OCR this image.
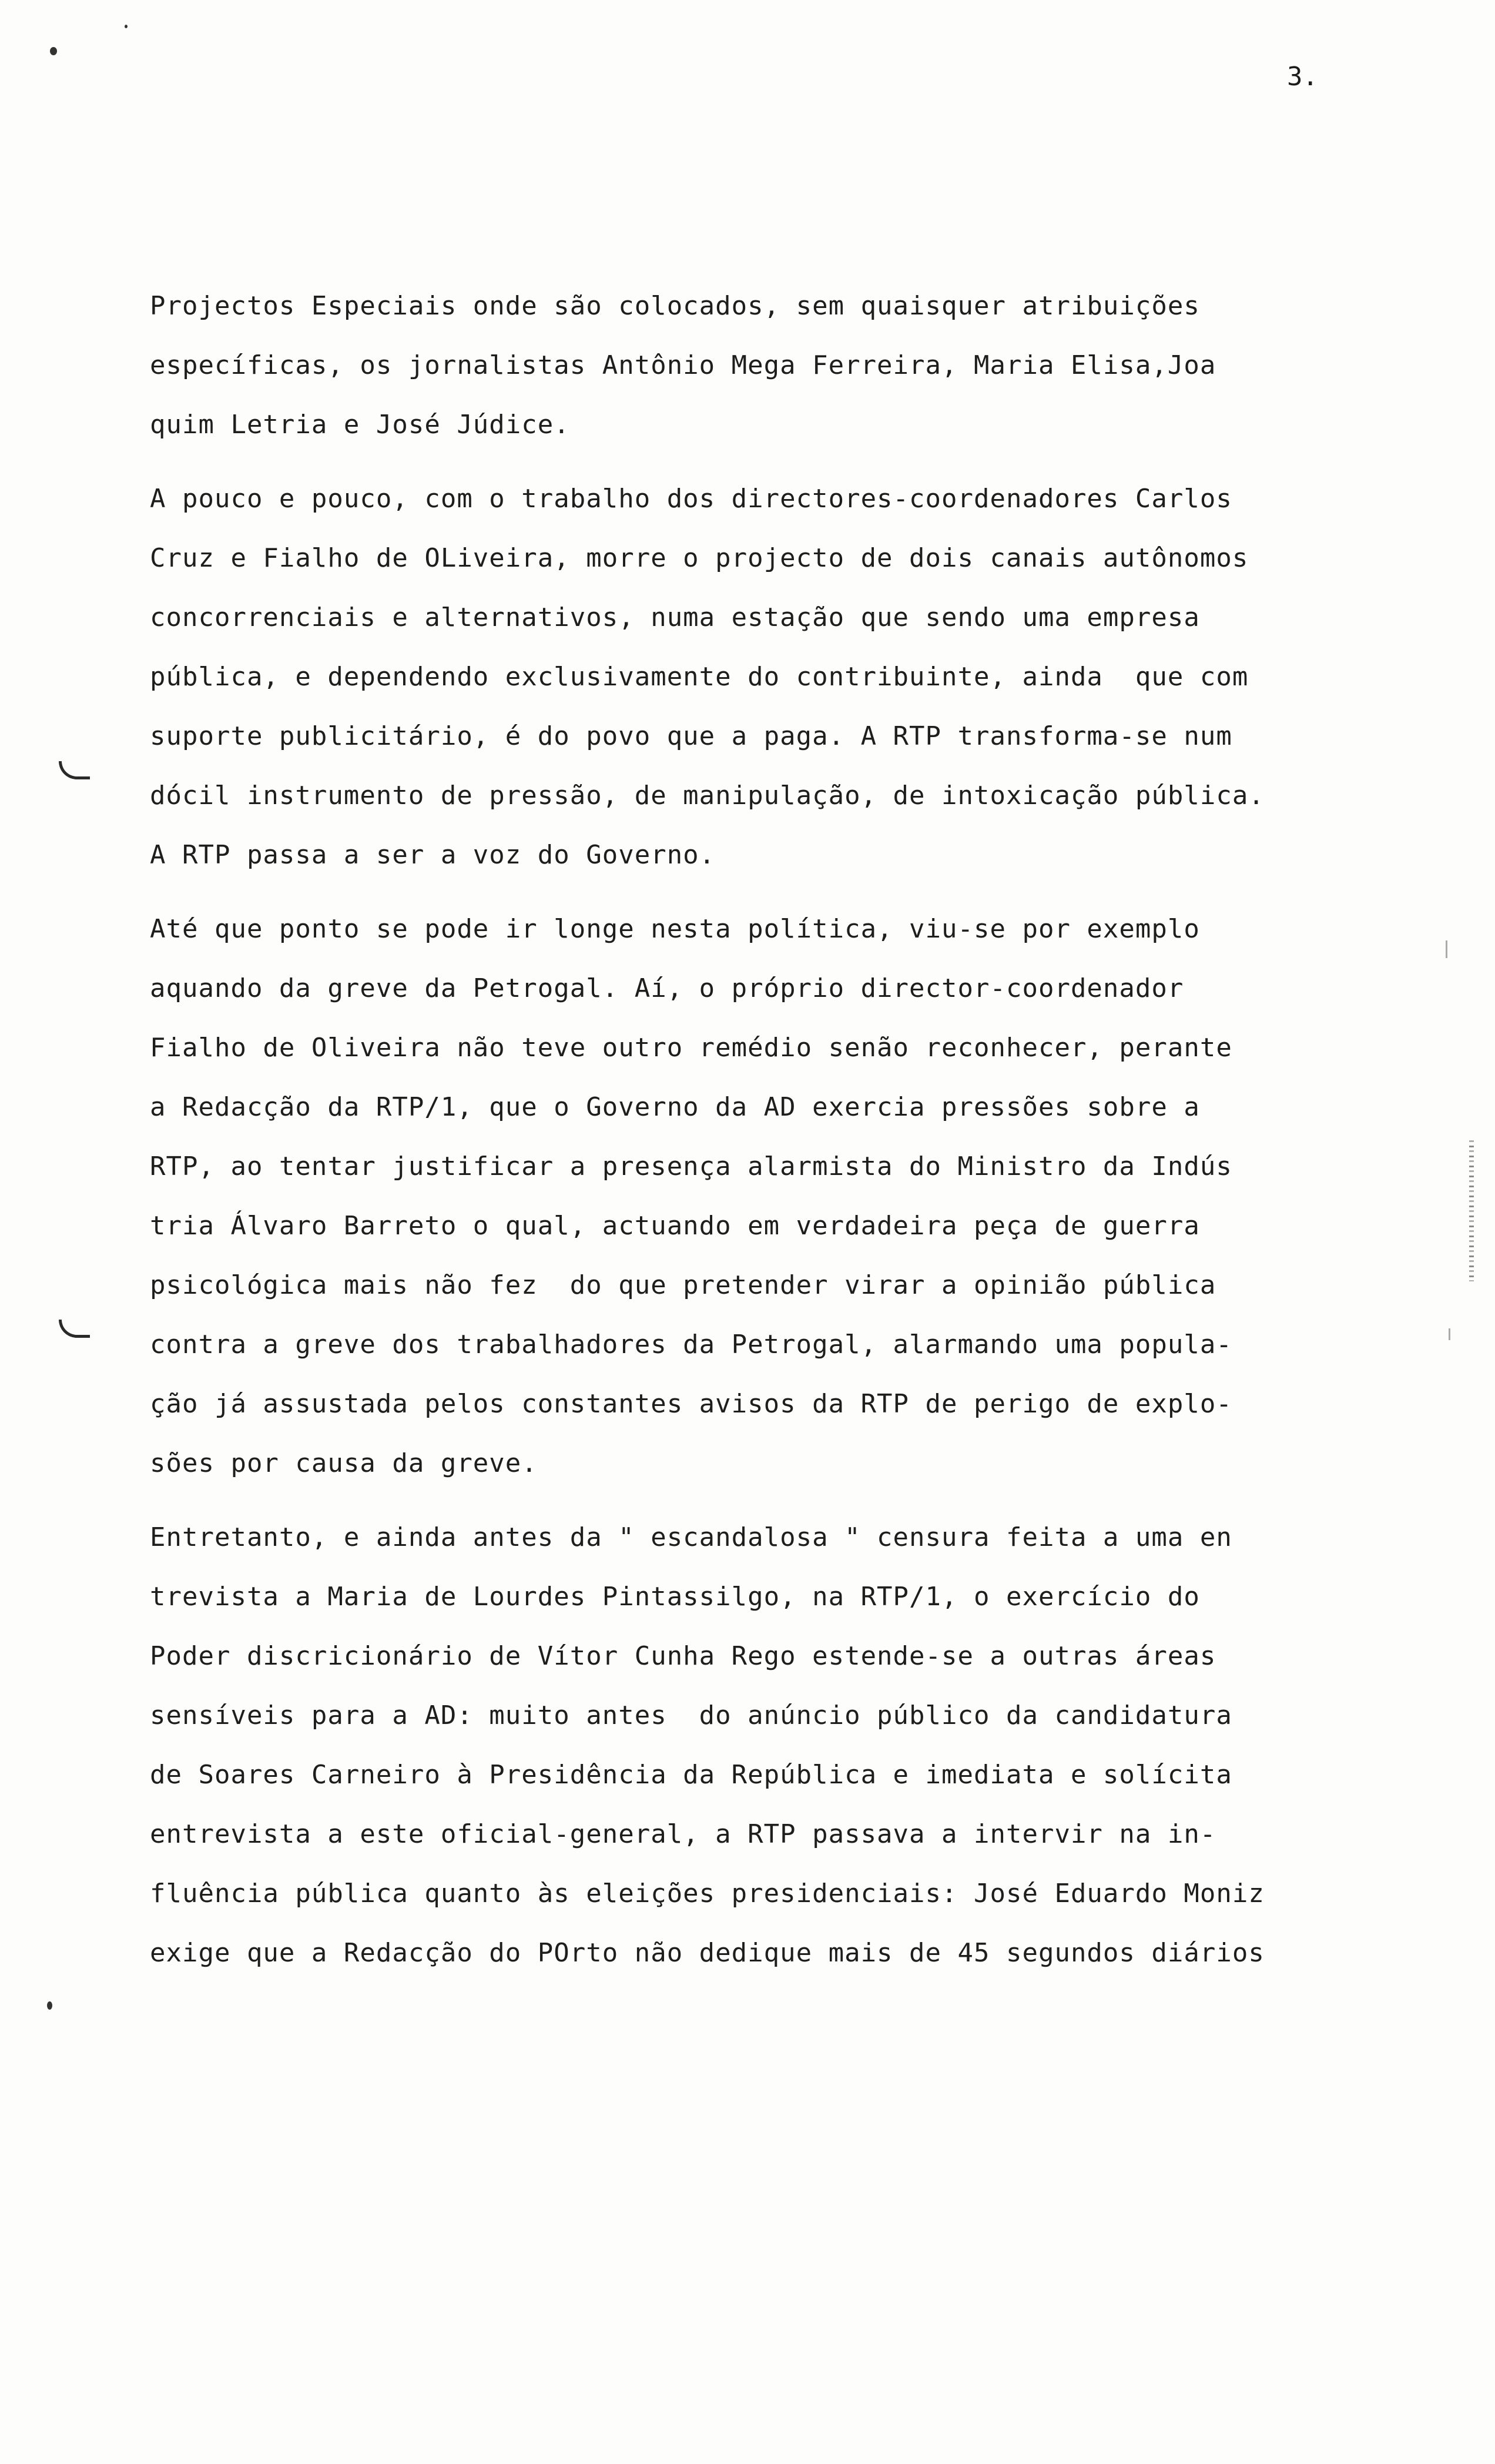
3.
Projectos Especiais onde são colocados, sem quaisquer atribuições
específicas, os jornalistas Antônio Mega Ferreira, Maria Elisa,Joa
quim Letria e José Júdice.
A pouco e pouco, com o trabalho dos directores-coordenadores Carlos
Cruz e Fialho de OLiveira, morre o projecto de dois canais autônomos
concorrenciais e alternativos, numa estação que sendo uma empresa
pública, e dependendo exclusivamente do contribuinte, ainda  que com
suporte publicitário, é do povo que a paga. A RTP transforma-se num
dócil instrumento de pressão, de manipulação, de intoxicação pública.
A RTP passa a ser a voz do Governo.
Até que ponto se pode ir longe nesta política, viu-se por exemplo
aquando da greve da Petrogal. Aí, o próprio director-coordenador
Fialho de Oliveira não teve outro remédio senão reconhecer, perante
a Redacção da RTP/1, que o Governo da AD exercia pressões sobre a
RTP, ao tentar justificar a presença alarmista do Ministro da Indús
tria Álvaro Barreto o qual, actuando em verdadeira peça de guerra
psicológica mais não fez  do que pretender virar a opinião pública
contra a greve dos trabalhadores da Petrogal, alarmando uma popula-
ção já assustada pelos constantes avisos da RTP de perigo de explo-
sões por causa da greve.
Entretanto, e ainda antes da " escandalosa " censura feita a uma en
trevista a Maria de Lourdes Pintassilgo, na RTP/1, o exercício do
Poder discricionário de Vítor Cunha Rego estende-se a outras áreas
sensíveis para a AD: muito antes  do anúncio público da candidatura
de Soares Carneiro à Presidência da República e imediata e solícita
entrevista a este oficial-general, a RTP passava a intervir na in-
fluência pública quanto às eleições presidenciais: José Eduardo Moniz
exige que a Redacção do POrto não dedique mais de 45 segundos diários
